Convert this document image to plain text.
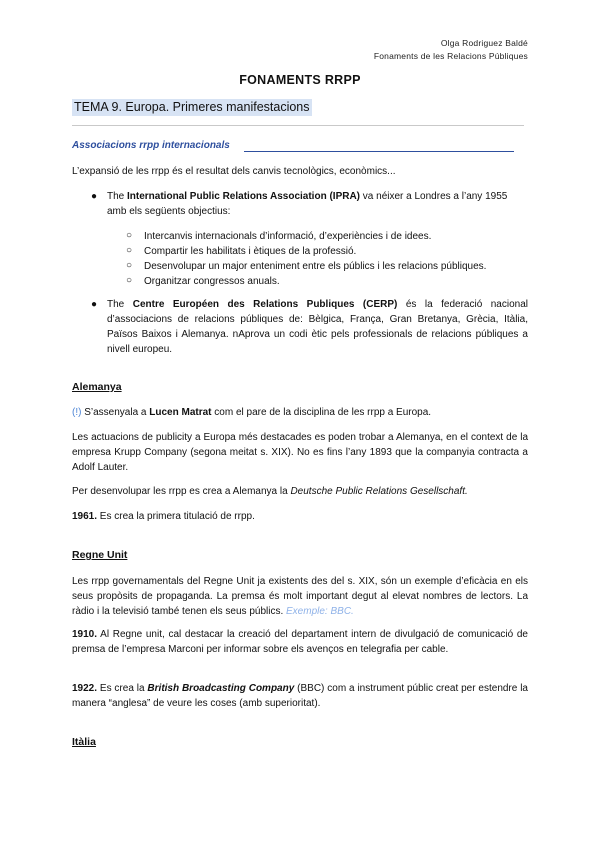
Olga Rodriguez Baldé
Fonaments de les Relacions Públiques
FONAMENTS RRPP
TEMA 9. Europa. Primeres manifestacions
Associacions rrpp internacionals

L’expansió de les rrpp és el resultat dels canvis tecnològics, econòmics...

● The International Public Relations Association (IPRA) va néixer a Londres a l’any 1955 amb els següents objectius:

○ Intercanvis internacionals d’informació, d’experiències i de idees.

○ Compartir les habilitats i ètiques de la professió.

○ Desenvolupar un major enteniment entre els públics i les relacions públiques.

○ Organitzar congressos anuals.

● The Centre Européen des Relations Publiques (CERP) és la federació nacional d’associacions de relacions públiques de: Bèlgica, França, Gran Bretanya, Grècia, Itàlia, Països Baixos i Alemanya. nAprova un codi ètic pels professionals de relacions públiques a nivell europeu.

Alemanya

(!) S’assenyala a Lucen Matrat com el pare de la disciplina de les rrpp a Europa.

Les actuacions de publicity a Europa més destacades es poden trobar a Alemanya, en el context de la empresa Krupp Company (segona meitat s. XIX). No es fins l’any 1893 que la companyia contracta a Adolf Lauter.

Per desenvolupar les rrpp es crea a Alemanya la Deutsche Public Relations Gesellschaft.

1961. Es crea la primera titulació de rrpp.

Regne Unit

Les rrpp governamentals del Regne Unit ja existents des del s. XIX, són un exemple d’eficàcia en els seus propòsits de propaganda. La premsa és molt important degut al elevat nombres de lectors. La ràdio i la televisió també tenen els seus públics. Exemple: BBC.

1910. Al Regne unit, cal destacar la creació del departament intern de divulgació de comunicació de premsa de l’empresa Marconi per informar sobre els avenços en telegrafia per cable.

1922. Es crea la British Broadcasting Company (BBC) com a instrument públic creat per estendre la manera “anglesa” de veure les coses (amb superioritat).

Itàlia
